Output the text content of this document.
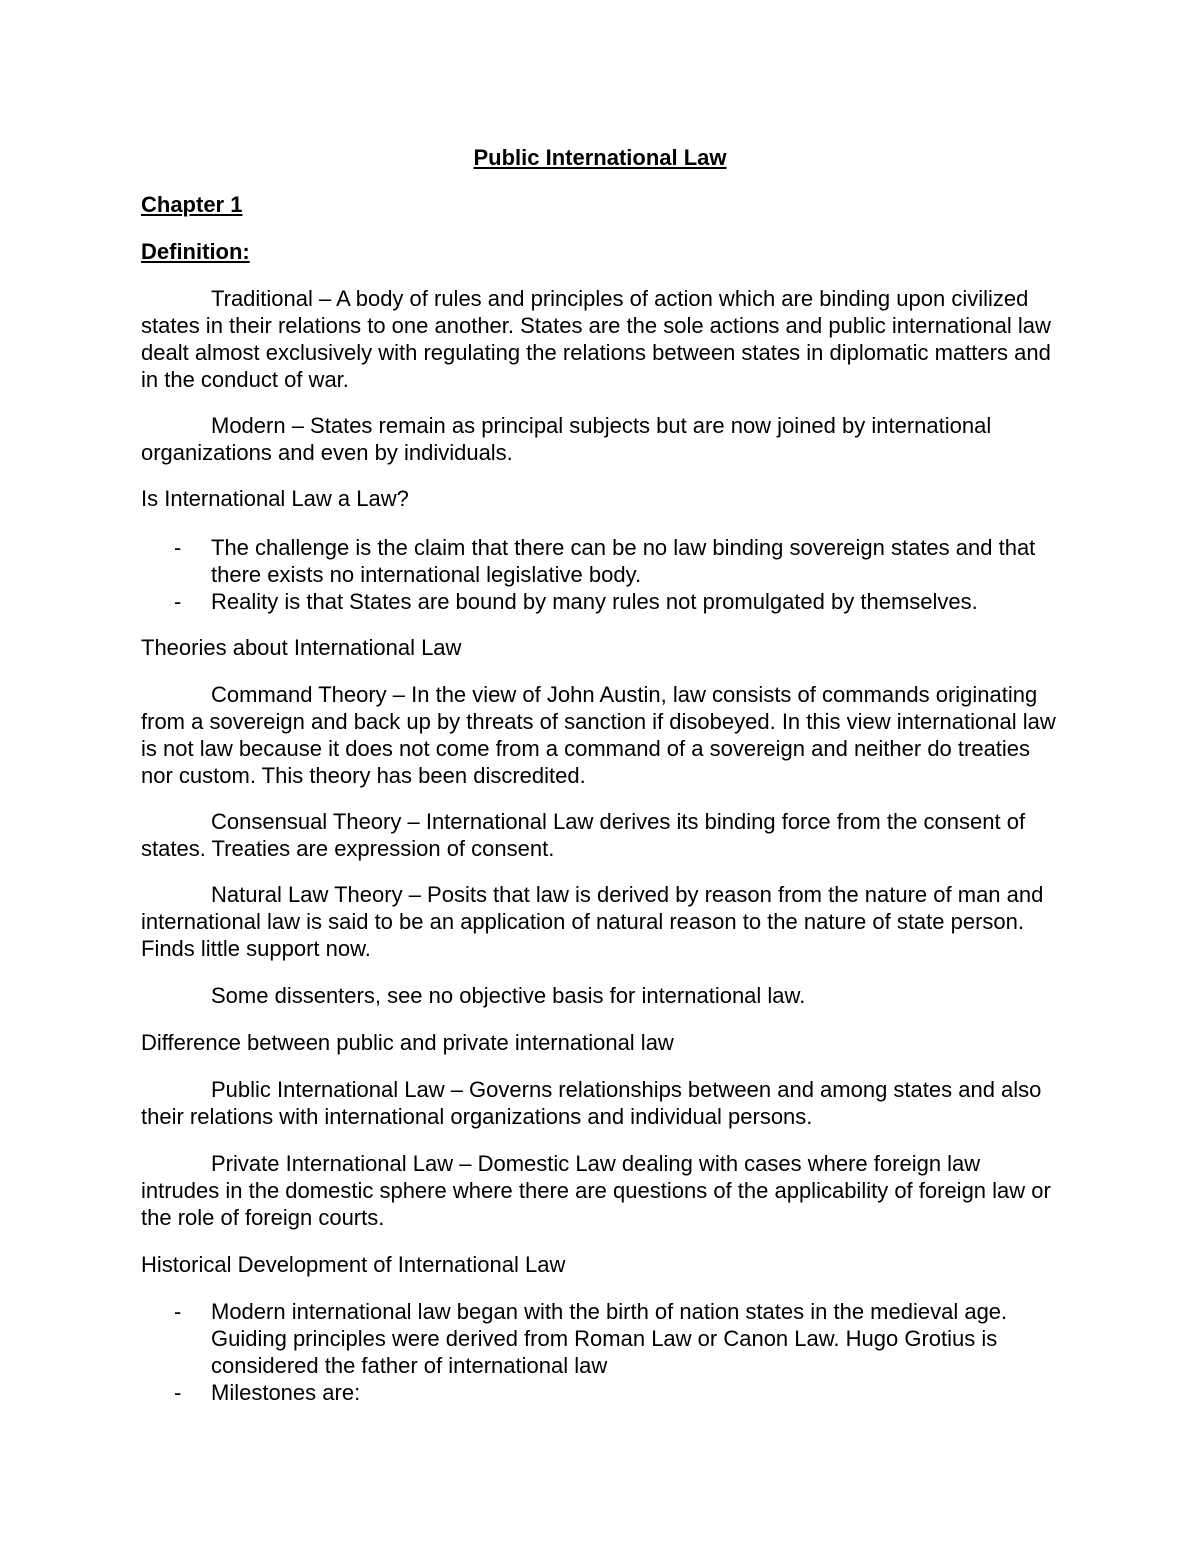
Public International Law
Chapter 1
Definition:

Traditional – A body of rules and principles of action which are binding upon civilized states in their relations to one another. States are the sole actions and public international law dealt almost exclusively with regulating the relations between states in diplomatic matters and in the conduct of war.

Modern – States remain as principal subjects but are now joined by international organizations and even by individuals.

Is International Law a Law?

- The challenge is the claim that there can be no law binding sovereign states and that there exists no international legislative body.
- Reality is that States are bound by many rules not promulgated by themselves.

Theories about International Law

Command Theory – In the view of John Austin, law consists of commands originating from a sovereign and back up by threats of sanction if disobeyed. In this view international law is not law because it does not come from a command of a sovereign and neither do treaties nor custom. This theory has been discredited.

Consensual Theory – International Law derives its binding force from the consent of states. Treaties are expression of consent.

Natural Law Theory – Posits that law is derived by reason from the nature of man and international law is said to be an application of natural reason to the nature of state person. Finds little support now.

Some dissenters, see no objective basis for international law.

Difference between public and private international law

Public International Law – Governs relationships between and among states and also their relations with international organizations and individual persons.

Private International Law – Domestic Law dealing with cases where foreign law intrudes in the domestic sphere where there are questions of the applicability of foreign law or the role of foreign courts.

Historical Development of International Law

- Modern international law began with the birth of nation states in the medieval age. Guiding principles were derived from Roman Law or Canon Law. Hugo Grotius is considered the father of international law
- Milestones are:
